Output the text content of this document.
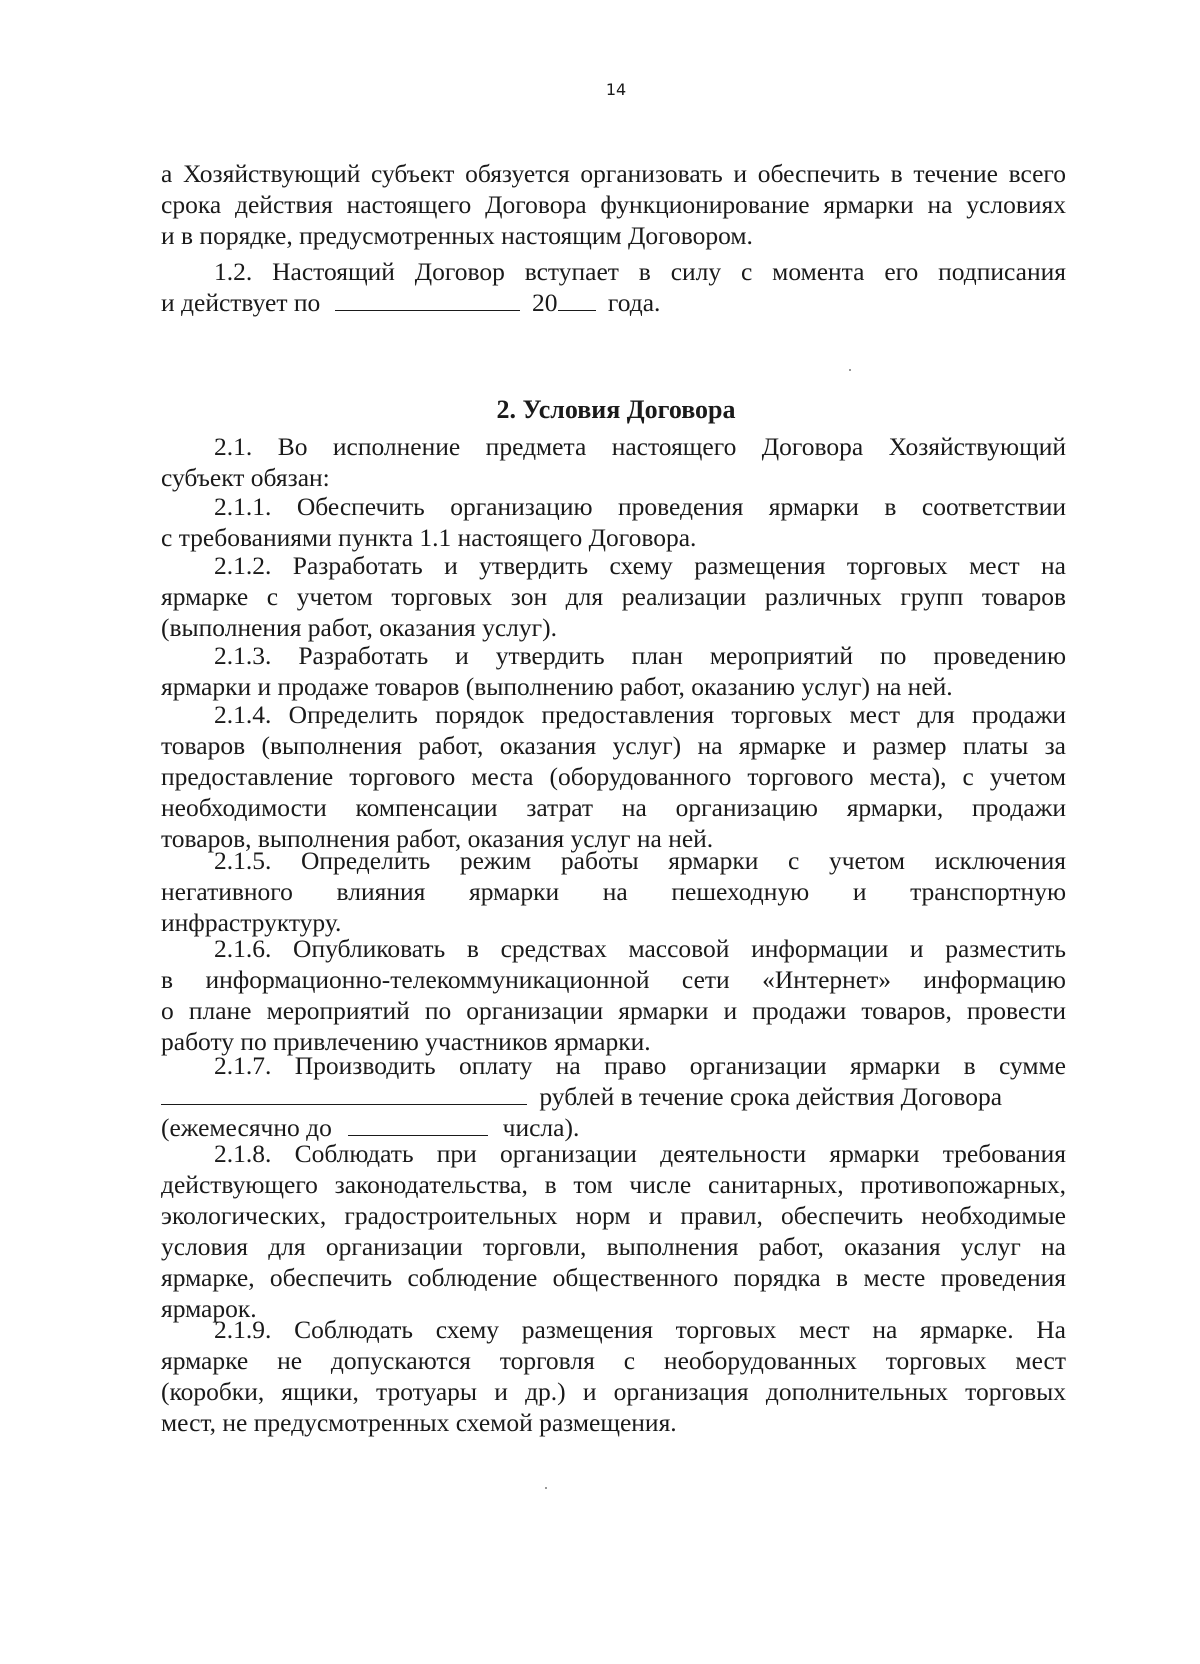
14
а Хозяйствующий субъект обязуется организовать и обеспечить в течение всего
срока действия настоящего Договора функционирование ярмарки на условиях
и в порядке, предусмотренных настоящим Договором.
1.2. Настоящий Договор вступает в силу с момента его подписания
и действует по	20 года.
2. Условия Договора
2.1. Во исполнение предмета настоящего Договора Хозяйствующий
субъект обязан:
2.1.1. Обеспечить организацию проведения ярмарки в соответствии
с требованиями пункта 1.1 настоящего Договора.
2.1.2. Разработать и утвердить схему размещения торговых мест на
ярмарке с учетом торговых зон для реализации различных групп товаров
(выполнения работ, оказания услуг).
2.1.3. Разработать и утвердить план мероприятий по проведению
ярмарки и продаже товаров (выполнению работ, оказанию услуг) на ней.
2.1.4. Определить порядок предоставления торговых мест для продажи
товаров (выполнения работ, оказания услуг) на ярмарке и размер платы за
предоставление торгового места (оборудованного торгового места), с учетом
необходимости компенсации затрат на организацию ярмарки, продажи
товаров, выполнения работ, оказания услуг на ней.
2.1.5. Определить режим работы ярмарки с учетом исключения
негативного влияния ярмарки на пешеходную и транспортную
инфраструктуру.
2.1.6. Опубликовать в средствах массовой информации и разместить
в информационно-телекоммуникационной сети «Интернет» информацию
о плане мероприятий по организации ярмарки и продажи товаров, провести
работу по привлечению участников ярмарки.
2.1.7. Производить оплату на право организации ярмарки в сумме
рублей в течение срока действия Договора
(ежемесячно до	числа).
2.1.8. Соблюдать при организации деятельности ярмарки требования
действующего законодательства, в том числе санитарных, противопожарных,
экологических, градостроительных норм и правил, обеспечить необходимые
условия для организации торговли, выполнения работ, оказания услуг на
ярмарке, обеспечить соблюдение общественного порядка в месте проведения
ярмарок.
2.1.9. Соблюдать схему размещения торговых мест на ярмарке. На
ярмарке не допускаются торговля с необорудованных торговых мест
(коробки, ящики, тротуары и др.) и организация дополнительных торговых
мест, не предусмотренных схемой размещения.
